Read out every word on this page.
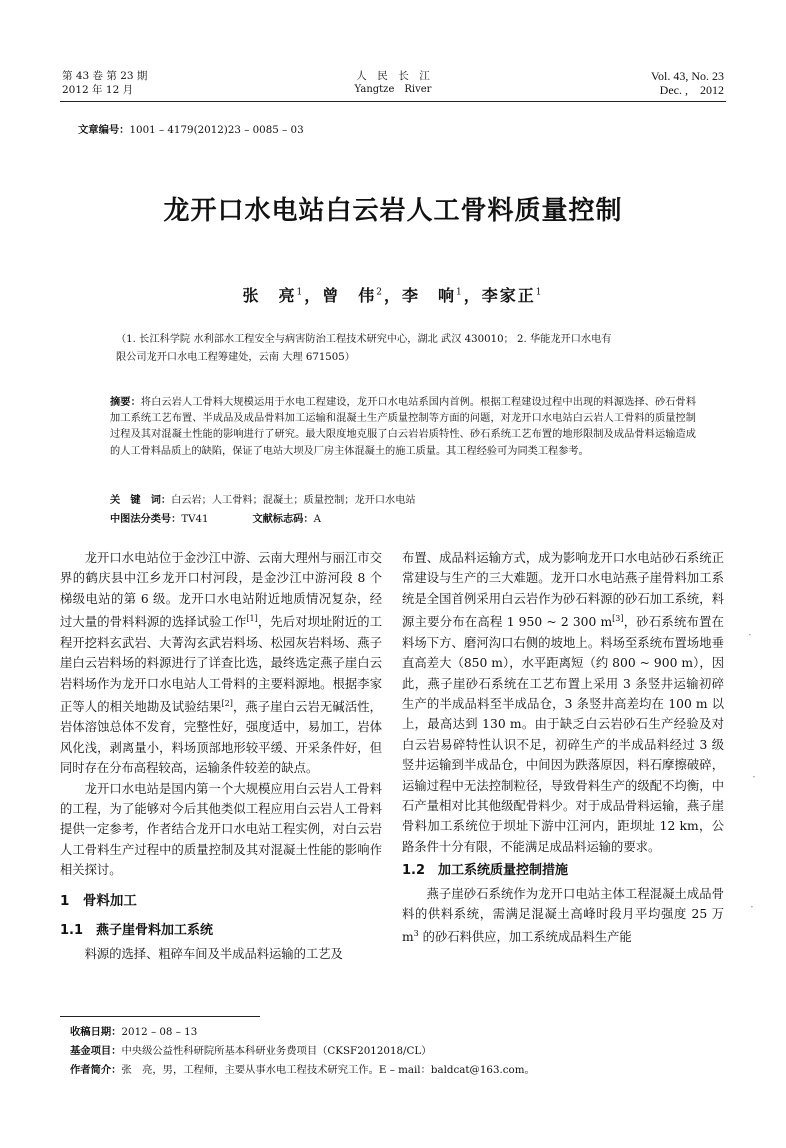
第 43 卷 第 23 期
2012 年 12 月
人　民　长　江
Yangtze　River
Vol. 43, No. 23
Dec. ,　2012
文章编号：1001 – 4179(2012)23 – 0085 – 03
龙开口水电站白云岩人工骨料质量控制
张　亮$^1$，曾　伟$^2$，李　响$^1$，李家正$^1$
（1. 长江科学院 水利部水工程安全与病害防治工程技术研究中心，湖北 武汉 430010； 2. 华能龙开口水电有
限公司龙开口水电工程筹建处，云南 大理 671505）
摘要：将白云岩人工骨料大规模运用于水电工程建设，龙开口水电站系国内首例。根据工程建设过程中出现的料源选择、砂石骨料加工系统工艺布置、半成品及成品骨料加工运输和混凝土生产质量控制等方面的问题，对龙开口水电站白云岩人工骨料的质量控制过程及其对混凝土性能的影响进行了研究。最大限度地克服了白云岩岩质特性、砂石系统工艺布置的地形限制及成品骨料运输造成的人工骨料品质上的缺陷，保证了电站大坝及厂房主体混凝土的施工质量。其工程经验可为同类工程参考。
关　键　词：白云岩；人工骨料；混凝土；质量控制；龙开口水电站
中图法分类号：TV41	文献标志码：A

龙开口水电站位于金沙江中游、云南大理州与丽江市交界的鹤庆县中江乡龙开口村河段，是金沙江中游河段 8 个梯级电站的第 6 级。龙开口水电站附近地质情况复杂，经过大量的骨料料源的选择试验工作[1]，先后对坝址附近的工程开挖料玄武岩、大菁沟玄武岩料场、松园灰岩料场、燕子崖白云岩料场的料源进行了详查比选，最终选定燕子崖白云岩料场作为龙开口水电站人工骨料的主要料源地。根据李家正等人的相关地勘及试验结果[2]，燕子崖白云岩无碱活性，岩体溶蚀总体不发育，完整性好，强度适中，易加工，岩体风化浅，剥离量小，料场顶部地形较平缓、开采条件好，但同时存在分布高程较高，运输条件较差的缺点。

龙开口水电站是国内第一个大规模应用白云岩人工骨料的工程，为了能够对今后其他类似工程应用白云岩人工骨料提供一定参考，作者结合龙开口水电站工程实例，对白云岩人工骨料生产过程中的质量控制及其对混凝土性能的影响作相关探讨。

1　骨料加工
1.1　燕子崖骨料加工系统

料源的选择、粗碎车间及半成品料运输的工艺及

布置、成品料运输方式，成为影响龙开口水电站砂石系统正常建设与生产的三大难题。龙开口水电站燕子崖骨料加工系统是全国首例采用白云岩作为砂石料源的砂石加工系统，料源主要分布在高程 1 950 ~ 2 300 m[3]，砂石系统布置在料场下方、磨河沟口右侧的坡地上。料场至系统布置场地垂直高差大（850 m），水平距离短（约 800 ~ 900 m），因此，燕子崖砂石系统在工艺布置上采用 3 条竖井运输初碎生产的半成品料至半成品仓，3 条竖井高差均在 100 m 以上，最高达到 130 m。由于缺乏白云岩砂石生产经验及对白云岩易碎特性认识不足，初碎生产的半成品料经过 3 级竖井运输到半成品仓，中间因为跌落原因，料石摩擦破碎，运输过程中无法控制粒径，导致骨料生产的级配不均衡，中石产量相对比其他级配骨料少。对于成品骨料运输，燕子崖骨料加工系统位于坝址下游中江河内，距坝址 12 km，公路条件十分有限，不能满足成品料运输的要求。

1.2　加工系统质量控制措施

燕子崖砂石系统作为龙开口电站主体工程混凝土成品骨料的供料系统，需满足混凝土高峰时段月平均强度 25 万 $m^3$ 的砂石料供应，加工系统成品料生产能

收稿日期：2012 – 08 – 13
基金项目：中央级公益性科研院所基本科研业务费项目（CKSF2012018/CL）
作者简介：张　亮，男，工程师，主要从事水电工程技术研究工作。E – mail：baldcat@163.com。
·
·
·
